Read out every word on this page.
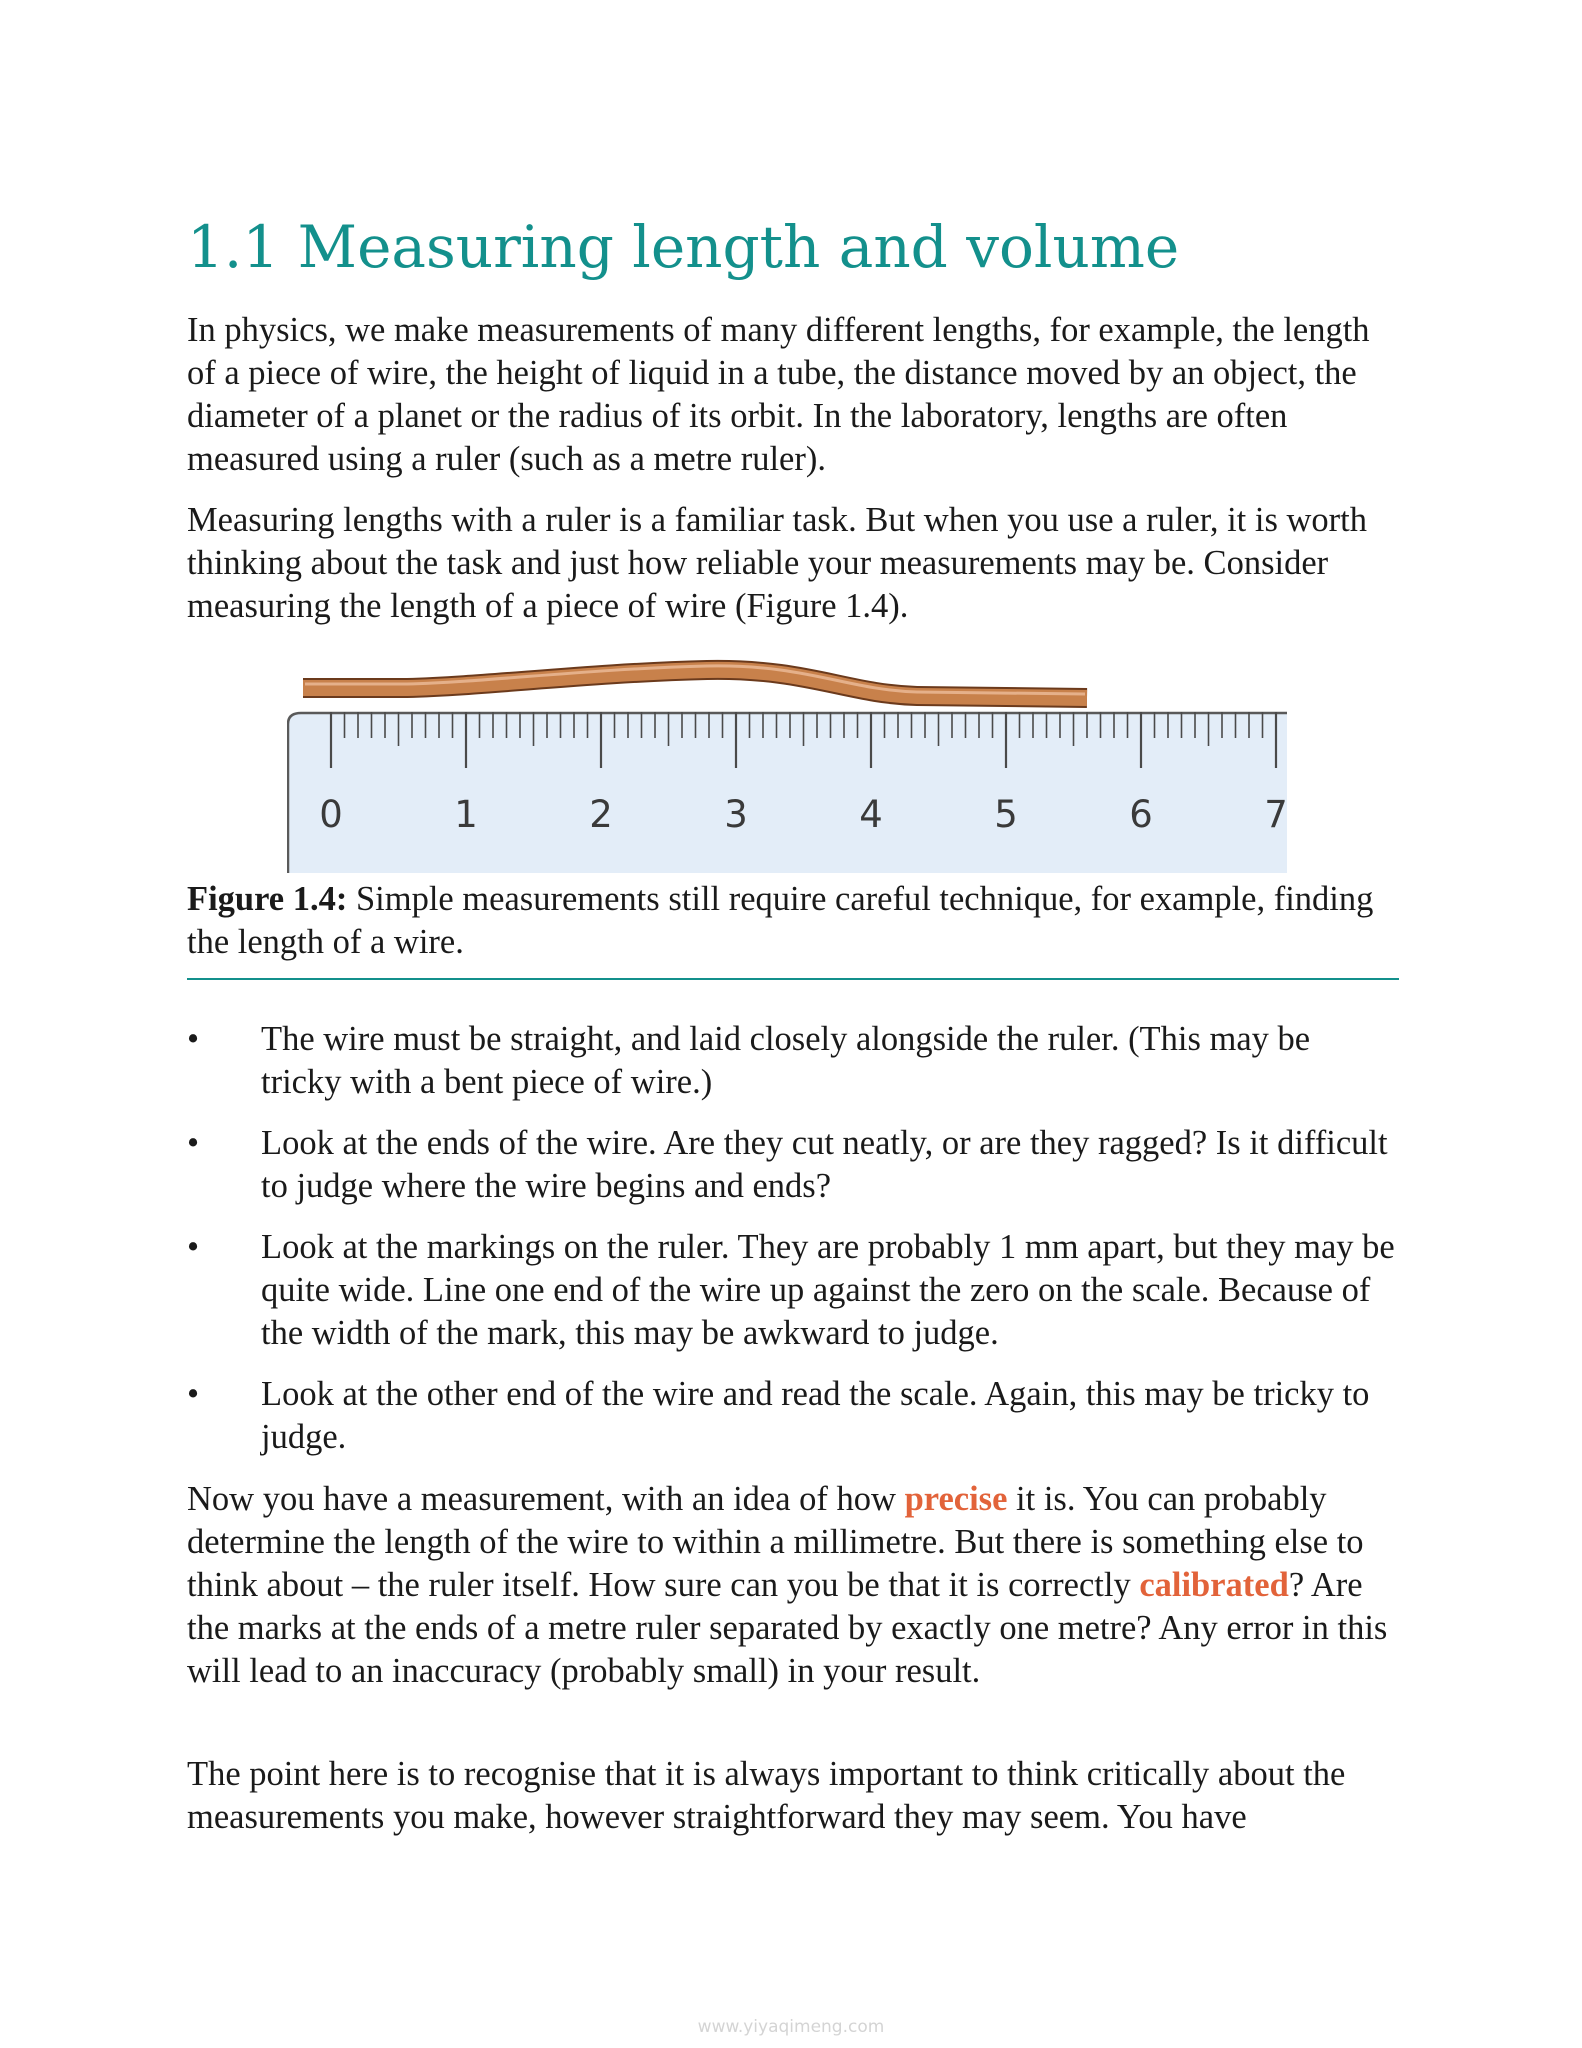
1.1 Measuring length and volume

In physics, we make measurements of many different lengths, for example, the length of a piece of wire, the height of liquid in a tube, the distance moved by an object, the diameter of a planet or the radius of its orbit. In the laboratory, lengths are often measured using a ruler (such as a metre ruler).

Measuring lengths with a ruler is a familiar task. But when you use a ruler, it is worth thinking about the task and just how reliable your measurements may be. Consider measuring the length of a piece of wire (Figure 1.4).

0	1	2	3	4	5	6	7

Figure 1.4: Simple measurements still require careful technique, for example, finding the length of a wire.

• The wire must be straight, and laid closely alongside the ruler. (This may be tricky with a bent piece of wire.)
• Look at the ends of the wire. Are they cut neatly, or are they ragged? Is it difficult to judge where the wire begins and ends?
• Look at the markings on the ruler. They are probably 1 mm apart, but they may be quite wide. Line one end of the wire up against the zero on the scale. Because of the width of the mark, this may be awkward to judge.
• Look at the other end of the wire and read the scale. Again, this may be tricky to judge.

Now you have a measurement, with an idea of how precise it is. You can probably determine the length of the wire to within a millimetre. But there is something else to think about – the ruler itself. How sure can you be that it is correctly calibrated? Are the marks at the ends of a metre ruler separated by exactly one metre? Any error in this will lead to an inaccuracy (probably small) in your result.

The point here is to recognise that it is always important to think critically about the measurements you make, however straightforward they may seem. You have

www.yiyaqimeng.com
